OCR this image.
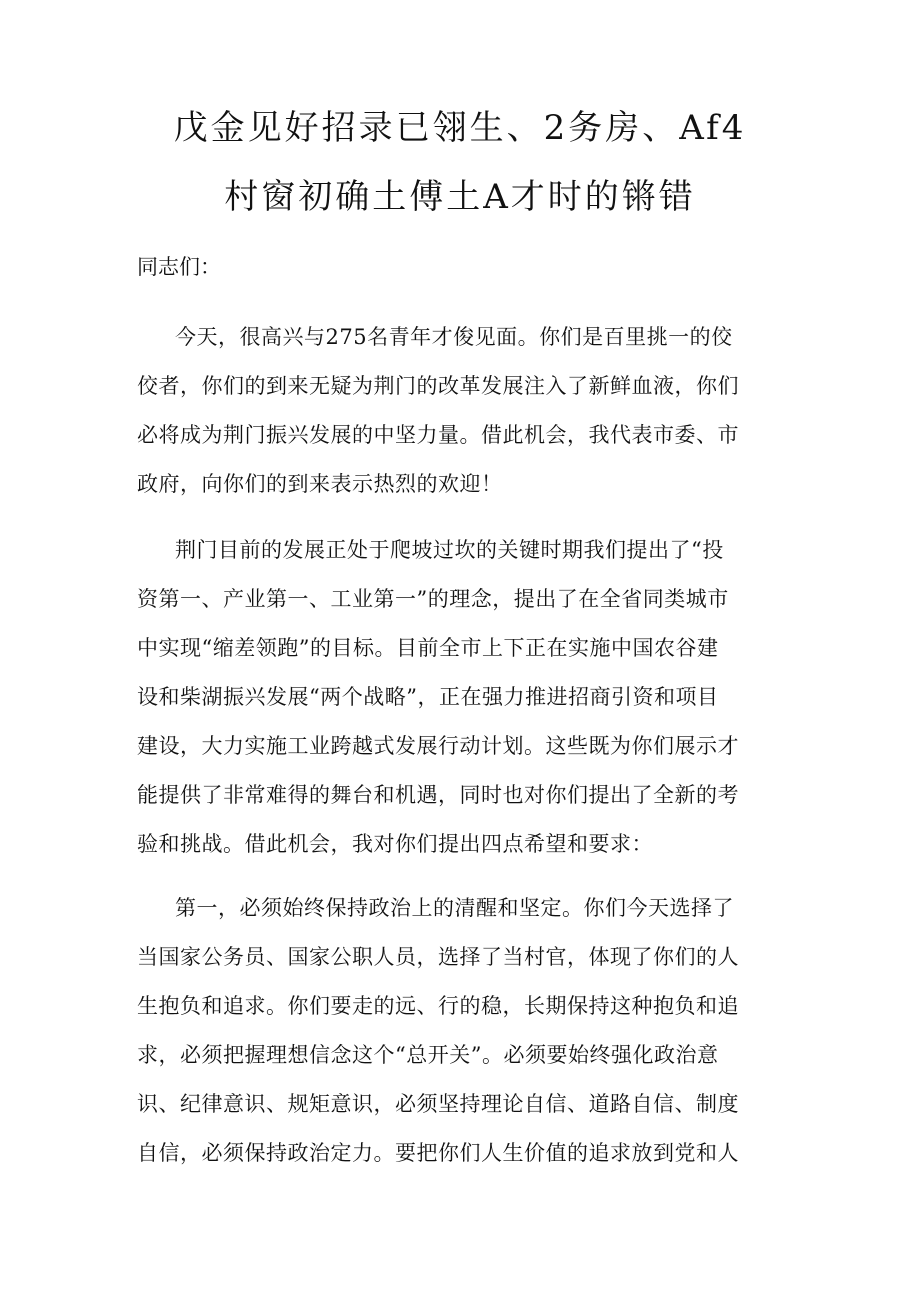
戊金见好招录已翎生、2务房、Af4
村窗初确土傅土A才时的锵错
同志们：
今天，很高兴与275名青年才俊见面。你们是百里挑一的佼
佼者，你们的到来无疑为荆门的改革发展注入了新鲜血液，你们
必将成为荆门振兴发展的中坚力量。借此机会，我代表市委、市
政府，向你们的到来表示热烈的欢迎！
荆门目前的发展正处于爬坡过坎的关键时期我们提出了“投
资第一、产业第一、工业第一”的理念，提出了在全省同类城市
中实现“缩差领跑”的目标。目前全市上下正在实施中国农谷建
设和柴湖振兴发展“两个战略”，正在强力推进招商引资和项目
建设，大力实施工业跨越式发展行动计划。这些既为你们展示才
能提供了非常难得的舞台和机遇，同时也对你们提出了全新的考
验和挑战。借此机会，我对你们提出四点希望和要求：
第一，必须始终保持政治上的清醒和坚定。你们今天选择了
当国家公务员、国家公职人员，选择了当村官，体现了你们的人
生抱负和追求。你们要走的远、行的稳，长期保持这种抱负和追
求，必须把握理想信念这个“总开关”。必须要始终强化政治意
识、纪律意识、规矩意识，必须坚持理论自信、道路自信、制度
自信，必须保持政治定力。要把你们人生价值的追求放到党和人
